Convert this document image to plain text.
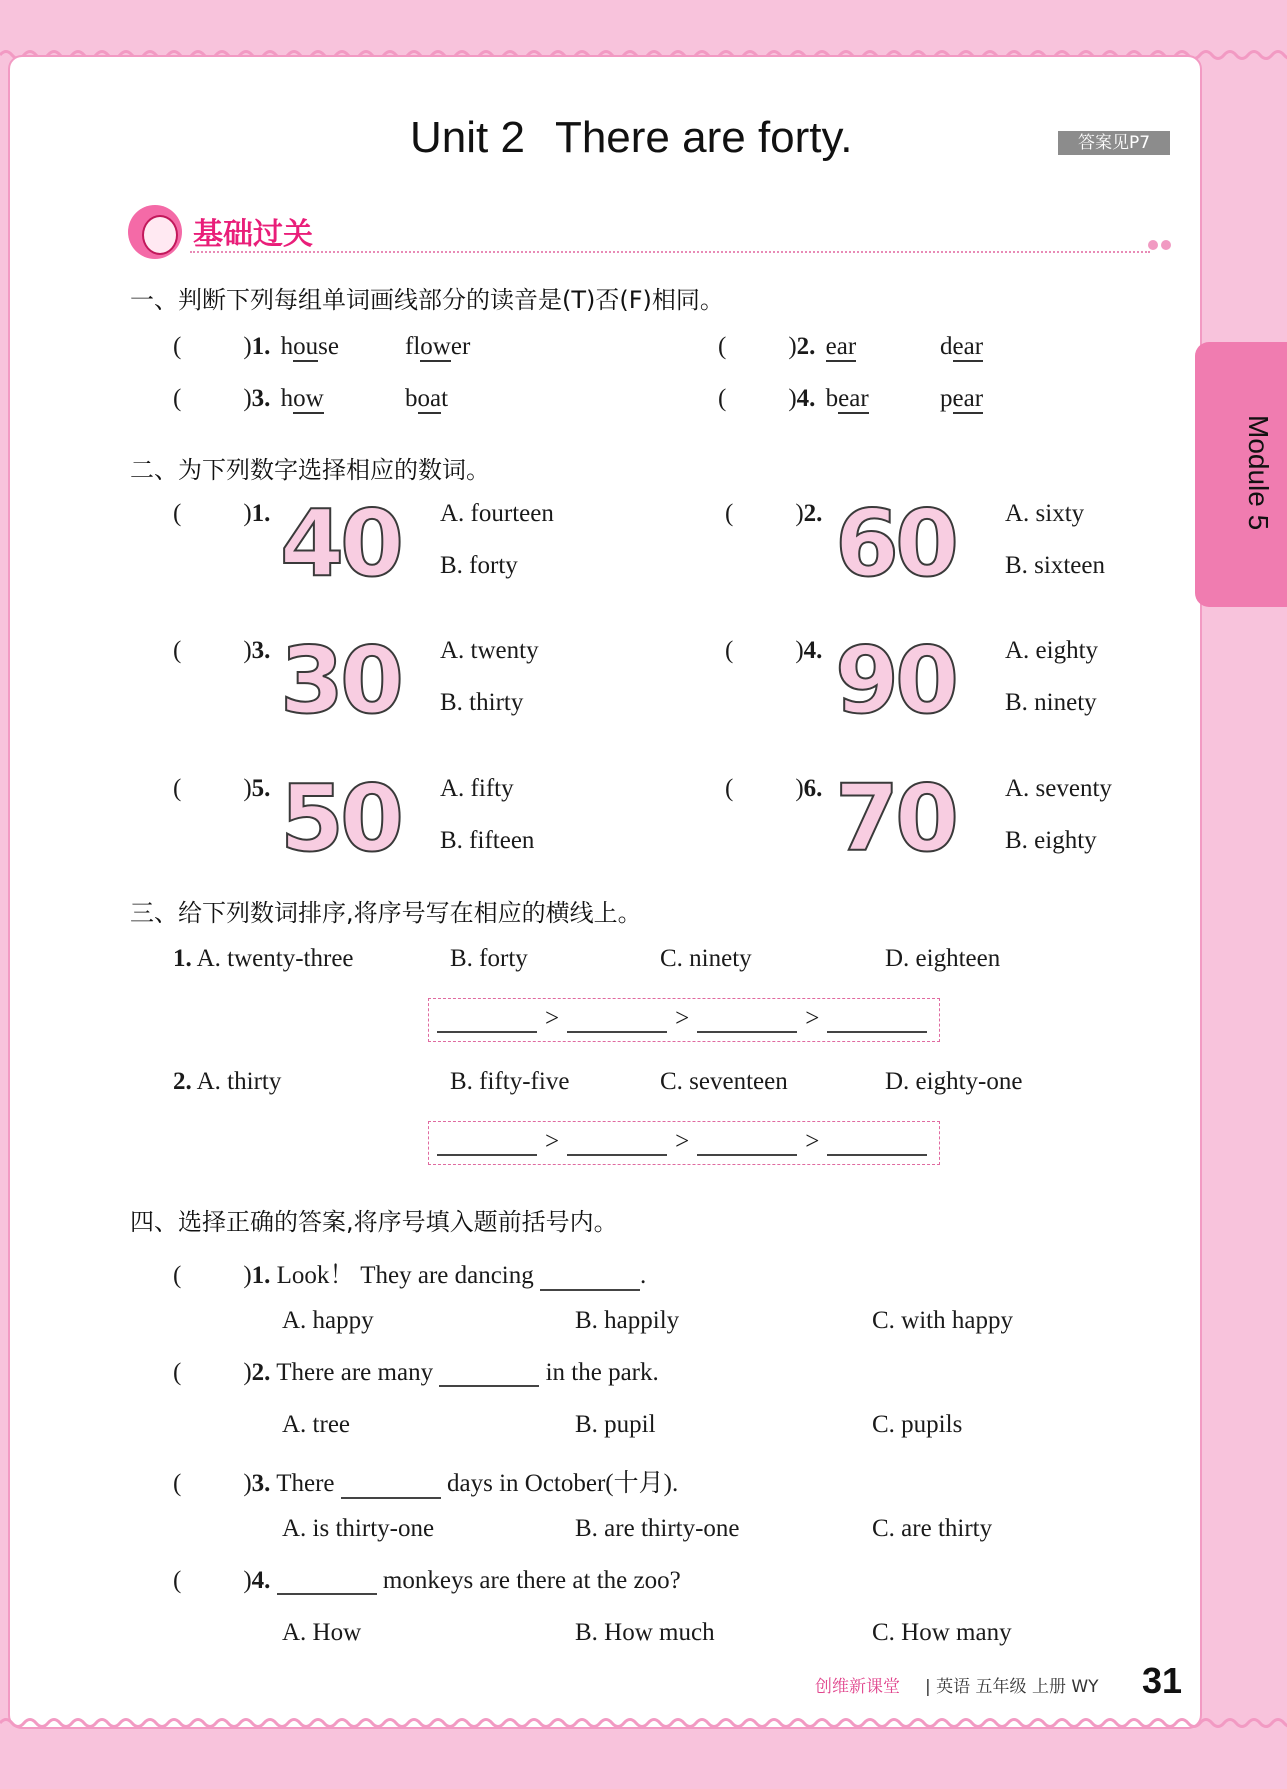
Unit 2 There are forty.	答案见P7
Module 5
基础过关
一、判断下列每组单词画线部分的读音是(T)否(F)相同。
( )1. house	flower	( )2. ear	dear
( )3. how	boat	( )4. bear	pear
二、为下列数字选择相应的数词。
( )1. 40 A. fourteen
B. forty
( )2. 60 A. sixty
B. sixteen
( )3. 30 A. twenty
B. thirty
( )4. 90 A. eighty
B. ninety
( )5. 50 A. fifty
B. fifteen
( )6. 70 A. seventy
B. eighty
三、给下列数词排序,将序号写在相应的横线上。
1. A. twenty-three	B. forty	C. ninety	D. eighteen
>	>	>
2. A. thirty	B. fifty-five	C. seventeen	D. eighty-one
>	>	>
四、选择正确的答案,将序号填入题前括号内。
( )1. Look！ They are dancing	.
A. happy	B. happily	C. with happy
( )2. There are many	in the park.
A. tree	B. pupil	C. pupils
( )3. There	days in October(十月).
A. is thirty-one	B. are thirty-one	C. are thirty
( )4.	monkeys are there at the zoo?
A. How	B. How much	C. How many
创维新课堂 | 英语 五年级 上册 WY 31
